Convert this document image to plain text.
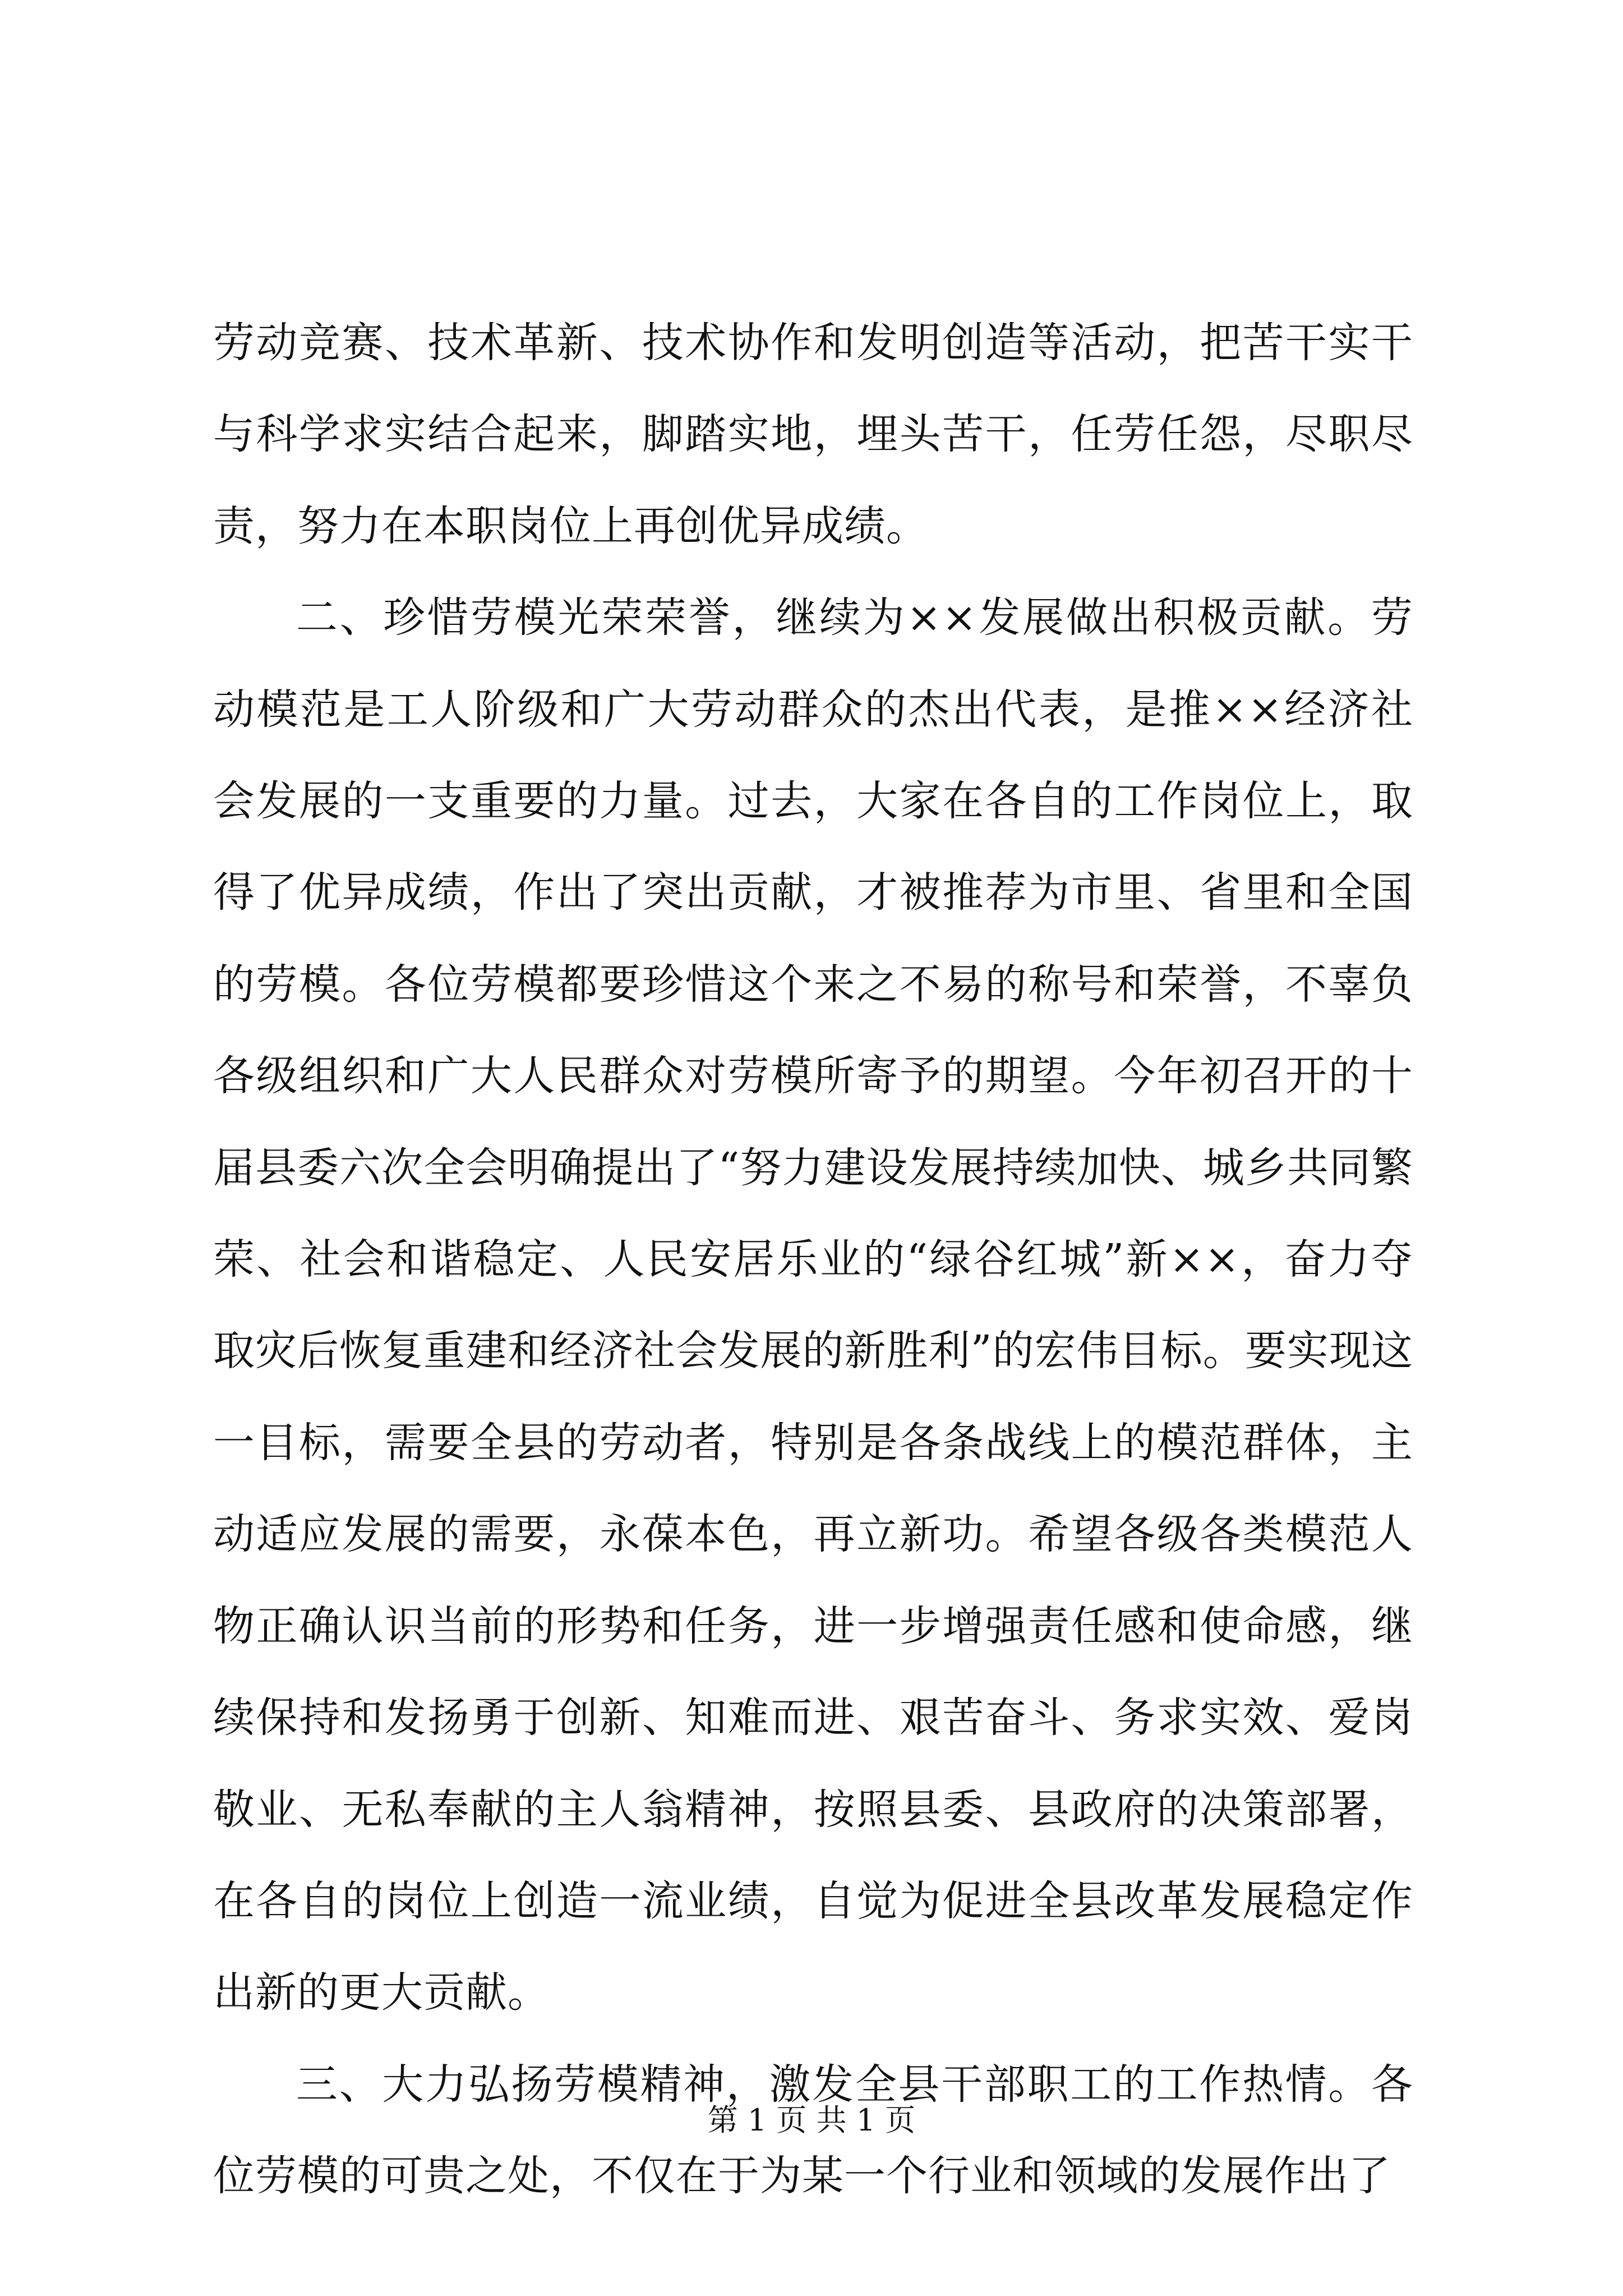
劳动竞赛、技术革新、技术协作和发明创造等活动，把苦干实干与科学求实结合起来，脚踏实地，埋头苦干，任劳任怨，尽职尽责，努力在本职岗位上再创优异成绩。

二、珍惜劳模光荣荣誉，继续为××发展做出积极贡献。劳动模范是工人阶级和广大劳动群众的杰出代表，是推××经济社会发展的一支重要的力量。过去，大家在各自的工作岗位上，取得了优异成绩，作出了突出贡献，才被推荐为市里、省里和全国的劳模。各位劳模都要珍惜这个来之不易的称号和荣誉，不辜负各级组织和广大人民群众对劳模所寄予的期望。今年初召开的十届县委六次全会明确提出了“努力建设发展持续加快、城乡共同繁荣、社会和谐稳定、人民安居乐业的“绿谷红城”新××，奋力夺取灾后恢复重建和经济社会发展的新胜利”的宏伟目标。要实现这一目标，需要全县的劳动者，特别是各条战线上的模范群体，主动适应发展的需要，永葆本色，再立新功。希望各级各类模范人物正确认识当前的形势和任务，进一步增强责任感和使命感，继续保持和发扬勇于创新、知难而进、艰苦奋斗、务求实效、爱岗敬业、无私奉献的主人翁精神，按照县委、县政府的决策部署，在各自的岗位上创造一流业绩，自觉为促进全县改革发展稳定作出新的更大贡献。

三、大力弘扬劳模精神，激发全县干部职工的工作热情。各位劳模的可贵之处，不仅在于为某一个行业和领域的发展作出了

第 1 页 共 1 页
